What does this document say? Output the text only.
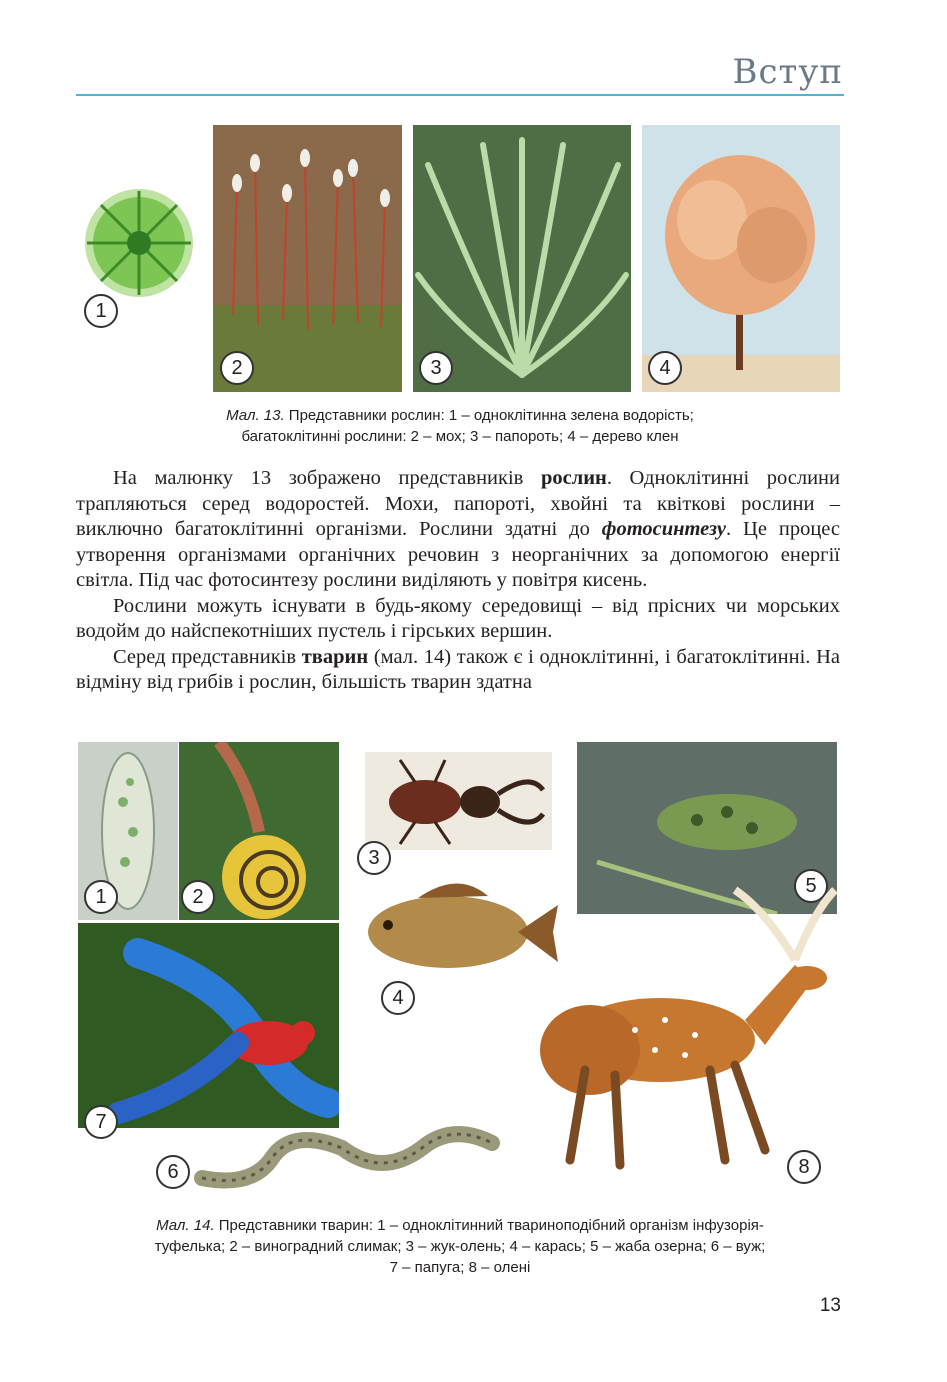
Вступ
1
2	3	4
Мал. 13. Представники рослин: 1 – одноклітинна зелена водорість;
багатоклітинні рослини: 2 – мох; 3 – папороть; 4 – дерево клен

На малюнку 13 зображено представників рослин. Одноклітинні рослини трапляються серед водоростей. Мохи, папороті, хвойні та квіткові рослини – виключно багатоклітинні організми. Рослини здатні до фотосинтезу. Це процес утворення організмами органічних речовин з неорганічних за допомогою енергії світла. Під час фотосинтезу рослини виділяють у повітря кисень.

Рослини можуть існувати в будь-якому середовищі – від прісних чи морських водойм до найспекотніших пустель і гірських вершин.

Серед представників тварин (мал. 14) також є і одноклітинні, і багатоклітинні. На відміну від грибів і рослин, більшість тварин здатна

1	2
3
5
7
4
8
6
Мал. 14. Представники тварин: 1 – одноклітинний твариноподібний організм інфузорія-
туфелька; 2 – виноградний слимак; 3 – жук-олень; 4 – карась; 5 – жаба озерна; 6 – вуж;
7 – папуга; 8 – олені
13
